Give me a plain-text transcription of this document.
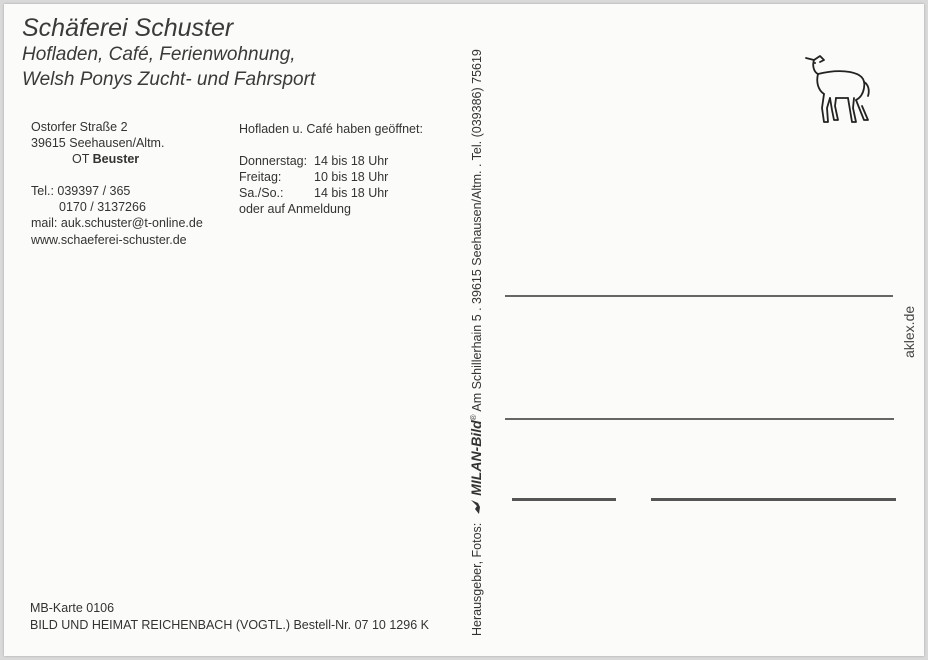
Schäferei Schuster
Hofladen, Café, Ferienwohnung,
Welsh Ponys Zucht- und Fahrsport
Ostorfer Straße 2
39615 Seehausen/Altm.
OT Beuster
Tel.: 039397 / 365
0170 / 3137266
mail: auk.schuster@t-online.de
www.schaeferei-schuster.de
Hofladen u. Café haben geöffnet:
Donnerstag: 14 bis 18 Uhr
Freitag:	10 bis 18 Uhr
Sa./So.: 14 bis 18 Uhr
oder auf Anmeldung
MB-Karte 0106
BILD UND HEIMAT REICHENBACH (VOGTL.) Bestell-Nr. 07 10 1296 K	Herausgeber, Fotos:  MILAN-Bild® Am Schillerhain 5 . 39615 Seehausen/Altm. . Tel. (039386) 75619	aklex.de
